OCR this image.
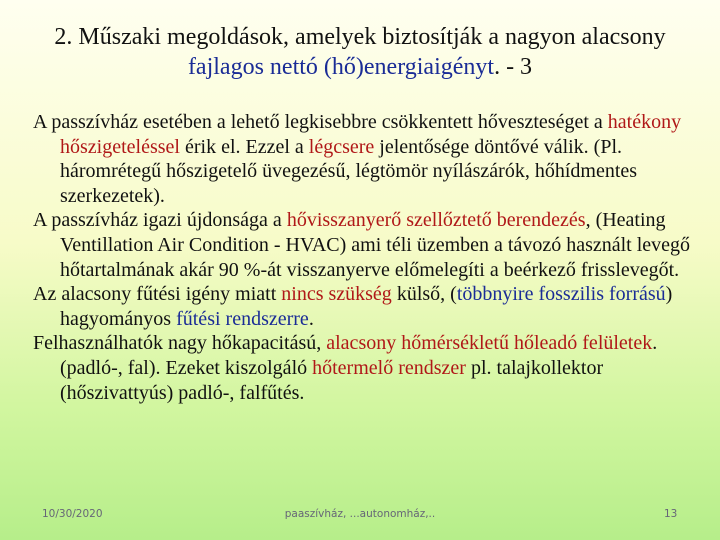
2. Műszaki megoldások, amelyek biztosítják a nagyon alacsony fajlagos nettó (hő)energiaigényt. - 3

A passzívház esetében a lehető legkisebbre csökkentett hőveszteséget a hatékony hőszigeteléssel érik el. Ezzel a légcsere jelentősége döntővé válik. (Pl. háromrétegű hőszigetelő üvegezésű, légtömör nyílászárók, hőhídmentes szerkezetek).

A passzívház igazi újdonsága a hővisszanyerő szellőztető berendezés, (Heating Ventillation Air Condition - HVAC) ami téli üzemben a távozó használt levegő hőtartalmának akár 90 %-át visszanyerve előmelegíti a beérkező frisslevegőt.

Az alacsony fűtési igény miatt nincs szükség külső, (többnyire fosszilis forrású) hagyományos fűtési rendszerre.

Felhasználhatók nagy hőkapacitású, alacsony hőmérsékletű hőleadó felületek. (padló-, fal). Ezeket kiszolgáló hőtermelő rendszer pl. talajkollektor (hőszivattyús) padló-, falfűtés.

10/30/2020	paaszívház, ...autonomház,..	13
